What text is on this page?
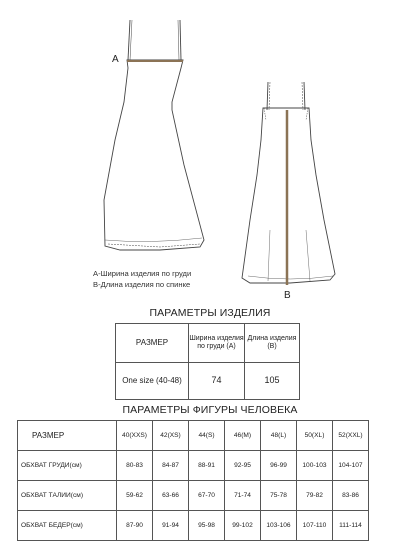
A
B
А-Ширина изделия по груди
В-Длина изделия по спинке
ПАРАМЕТРЫ ИЗДЕЛИЯ
РАЗМЕР	Ширина изделия по груди (А)	Длина изделия (В)
One size (40-48)	74	105
ПАРАМЕТРЫ ФИГУРЫ ЧЕЛОВЕКА
РАЗМЕР	40(XXS)	42(XS)	44(S)	46(M)	48(L)	50(XL)	52(XXL)
ОБХВАТ ГРУДИ(см)	80-83	84-87	88-91	92-95	96-99	100-103	104-107
ОБХВАТ ТАЛИИ(см)	59-62	63-66	67-70	71-74	75-78	79-82	83-86
ОБХВАТ БЕДЕР(см)	87-90	91-94	95-98	99-102	103-106	107-110	111-114
